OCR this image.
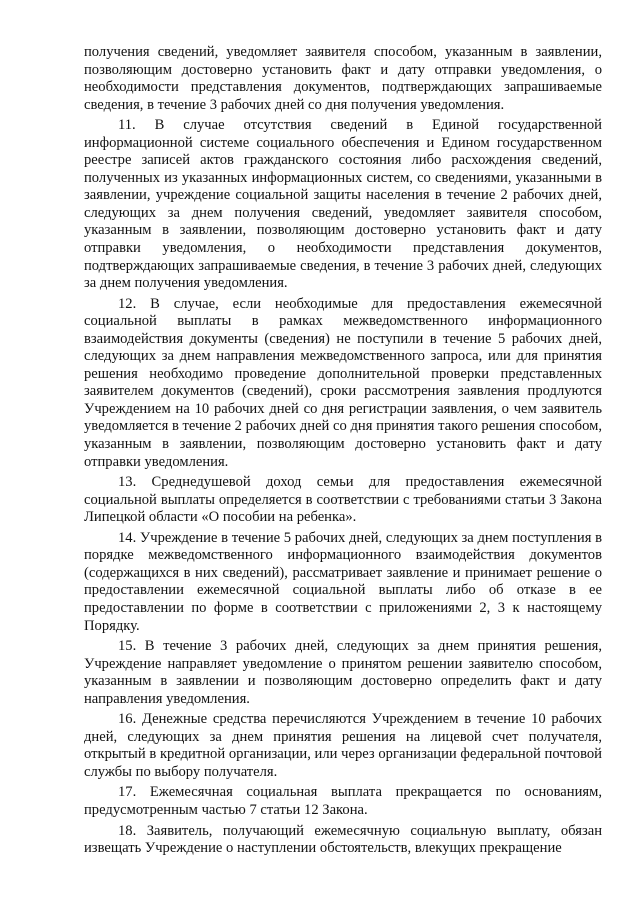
получения сведений, уведомляет заявителя способом, указанным в заявлении, позволяющим достоверно установить факт и дату отправки уведомления, о необходимости представления документов, подтверждающих запрашиваемые сведения, в течение 3 рабочих дней со дня получения уведомления.

11. В случае отсутствия сведений в Единой государственной информационной системе социального обеспечения и Едином государственном реестре записей актов гражданского состояния либо расхождения сведений, полученных из указанных информационных систем, со сведениями, указанными в заявлении, учреждение социальной защиты населения в течение 2 рабочих дней, следующих за днем получения сведений, уведомляет заявителя способом, указанным в заявлении, позволяющим достоверно установить факт и дату отправки уведомления, о необходимости представления документов, подтверждающих запрашиваемые сведения, в течение 3 рабочих дней, следующих за днем получения уведомления.

12. В случае, если необходимые для предоставления ежемесячной социальной выплаты в рамках межведомственного информационного взаимодействия документы (сведения) не поступили в течение 5 рабочих дней, следующих за днем направления межведомственного запроса, или для принятия решения необходимо проведение дополнительной проверки представленных заявителем документов (сведений), сроки рассмотрения заявления продлуются Учреждением на 10 рабочих дней со дня регистрации заявления, о чем заявитель уведомляется в течение 2 рабочих дней со дня принятия такого решения способом, указанным в заявлении, позволяющим достоверно установить факт и дату отправки уведомления.

13. Среднедушевой доход семьи для предоставления ежемесячной социальной выплаты определяется в соответствии с требованиями статьи 3 Закона Липецкой области «О пособии на ребенка».

14. Учреждение в течение 5 рабочих дней, следующих за днем поступления в порядке межведомственного информационного взаимодействия документов (содержащихся в них сведений), рассматривает заявление и принимает решение о предоставлении ежемесячной социальной выплаты либо об отказе в ее предоставлении по форме в соответствии с приложениями 2, 3 к настоящему Порядку.

15. В течение 3 рабочих дней, следующих за днем принятия решения, Учреждение направляет уведомление о принятом решении заявителю способом, указанным в заявлении и позволяющим достоверно определить факт и дату направления уведомления.

16. Денежные средства перечисляются Учреждением в течение 10 рабочих дней, следующих за днем принятия решения на лицевой счет получателя, открытый в кредитной организации, или через организации федеральной почтовой службы по выбору получателя.

17. Ежемесячная социальная выплата прекращается по основаниям, предусмотренным частью 7 статьи 12 Закона.

18. Заявитель, получающий ежемесячную социальную выплату, обязан извещать Учреждение о наступлении обстоятельств, влекущих прекращение
